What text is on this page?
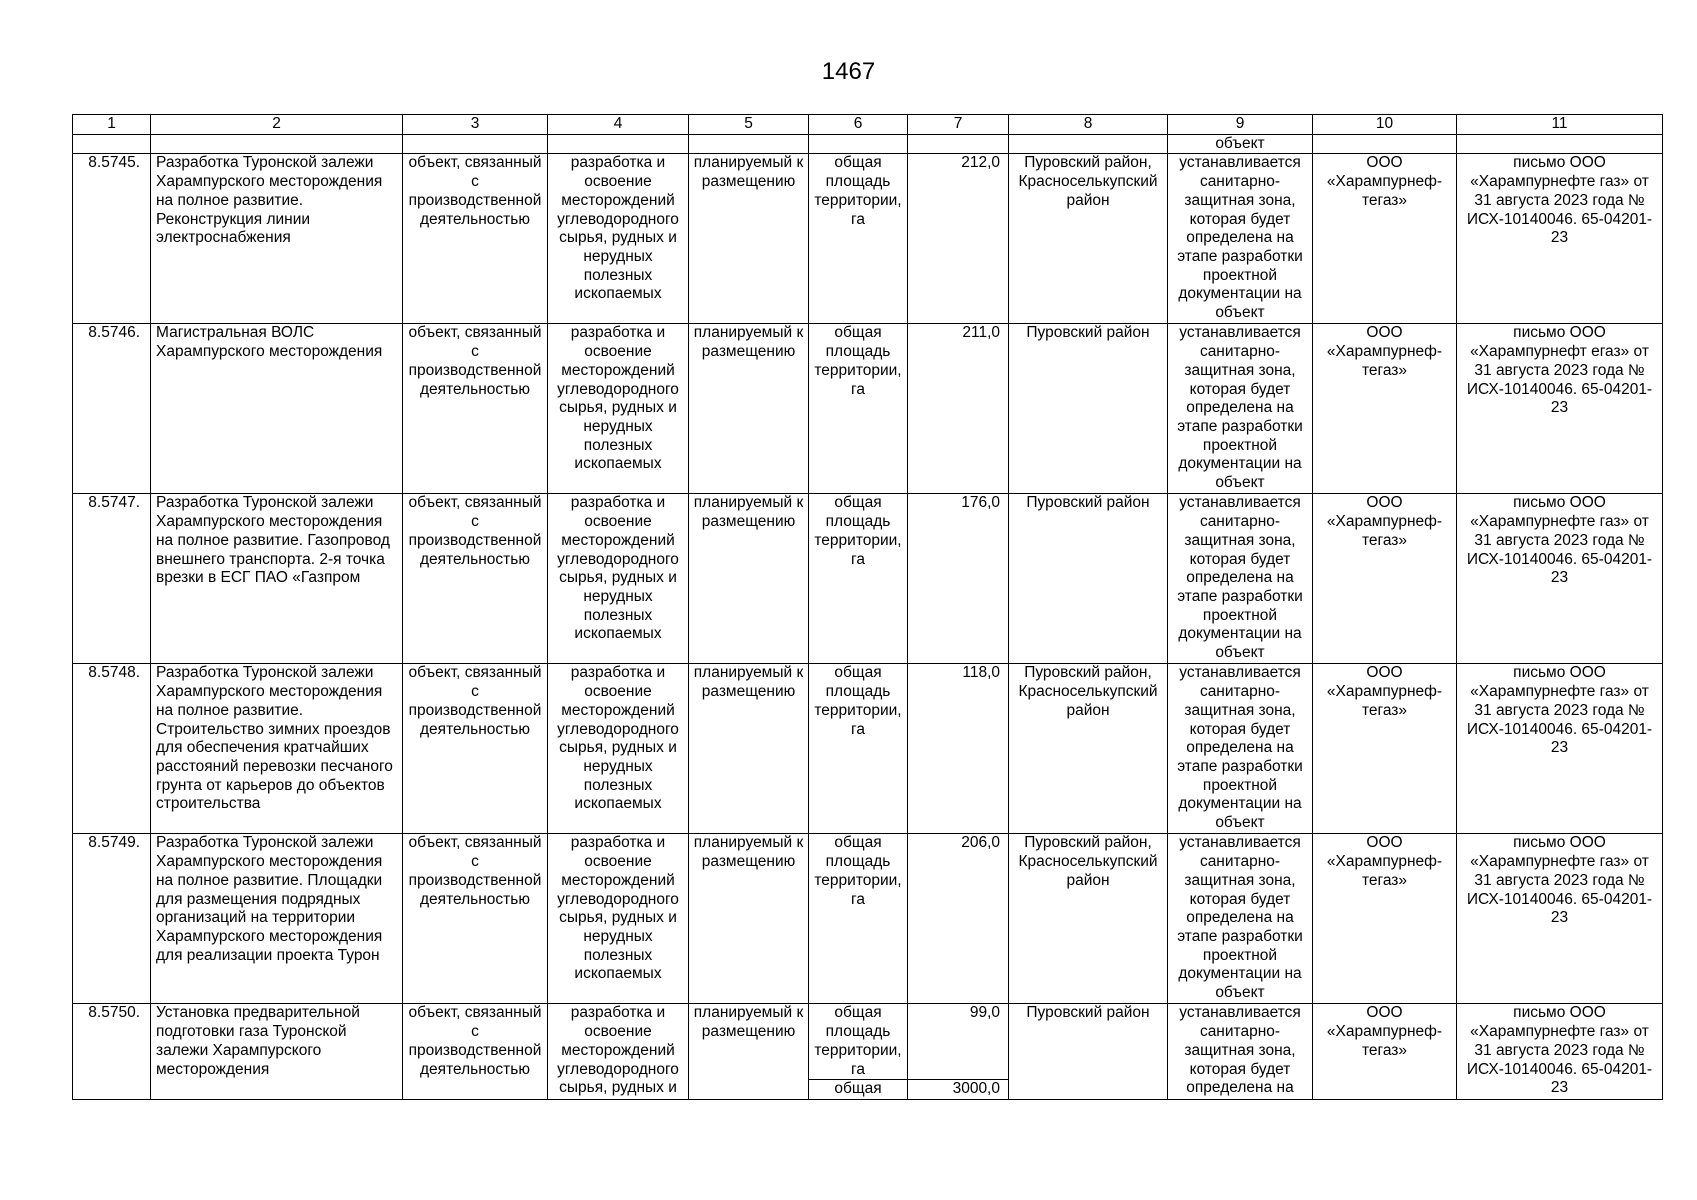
1467
1	2	3	4	5	6	7	8	9	10	11
								объект		
8.5745.	Разработка Туронской залежи Харампурского месторождения на полное развитие. Реконструкция линии электроснабжения	объект, связанный с производственной деятельностью	разработка и освоение месторождений углеводородного сырья, рудных и нерудных полезных ископаемых	планируемый к размещению	общая площадь территории, га	212,0	Пуровский район, Красноселькупский район	устанавливается санитарно-защитная зона, которая будет определена на этапе разработки проектной документации на объект	ООО «Харампурнеф-тегаз»	письмо ООО «Харампурнефте газ» от 31 августа 2023 года № ИСХ-10140046. 65-04201-23
8.5746.	Магистральная ВОЛС Харампурского месторождения	объект, связанный с производственной деятельностью	разработка и освоение месторождений углеводородного сырья, рудных и нерудных полезных ископаемых	планируемый к размещению	общая площадь территории, га	211,0	Пуровский район	устанавливается санитарно-защитная зона, которая будет определена на этапе разработки проектной документации на объект	ООО «Харампурнеф-тегаз»	письмо ООО «Харампурнефт егаз» от 31 августа 2023 года № ИСХ-10140046. 65-04201-23
8.5747.	Разработка Туронской залежи Харампурского месторождения на полное развитие. Газопровод внешнего транспорта. 2-я точка врезки в ЕСГ ПАО «Газпром	объект, связанный с производственной деятельностью	разработка и освоение месторождений углеводородного сырья, рудных и нерудных полезных ископаемых	планируемый к размещению	общая площадь территории, га	176,0	Пуровский район	устанавливается санитарно-защитная зона, которая будет определена на этапе разработки проектной документации на объект	ООО «Харампурнеф-тегаз»	письмо ООО «Харампурнефте газ» от 31 августа 2023 года № ИСХ-10140046. 65-04201-23
8.5748.	Разработка Туронской залежи Харампурского месторождения на полное развитие. Строительство зимних проездов для обеспечения кратчайших расстояний перевозки песчаного грунта от карьеров до объектов строительства	объект, связанный с производственной деятельностью	разработка и освоение месторождений углеводородного сырья, рудных и нерудных полезных ископаемых	планируемый к размещению	общая площадь территории, га	118,0	Пуровский район, Красноселькупский район	устанавливается санитарно-защитная зона, которая будет определена на этапе разработки проектной документации на объект	ООО «Харампурнеф-тегаз»	письмо ООО «Харампурнефте газ» от 31 августа 2023 года № ИСХ-10140046. 65-04201-23
8.5749.	Разработка Туронской залежи Харампурского месторождения на полное развитие. Площадки для размещения подрядных организаций на территории Харампурского месторождения для реализации проекта Турон	объект, связанный с производственной деятельностью	разработка и освоение месторождений углеводородного сырья, рудных и нерудных полезных ископаемых	планируемый к размещению	общая площадь территории, га	206,0	Пуровский район, Красноселькупский район	устанавливается санитарно-защитная зона, которая будет определена на этапе разработки проектной документации на объект	ООО «Харампурнеф-тегаз»	письмо ООО «Харампурнефте газ» от 31 августа 2023 года № ИСХ-10140046. 65-04201-23
8.5750.	Установка предварительной подготовки газа Туронской залежи Харампурского месторождения	объект, связанный с производственной деятельностью	разработка и освоение месторождений углеводородного сырья, рудных и	планируемый к размещению	общая площадь территории, га	99,0	Пуровский район	устанавливается санитарно-защитная зона, которая будет определена на	ООО «Харампурнеф-тегаз»	письмо ООО «Харампурнефте газ» от 31 августа 2023 года № ИСХ-10140046. 65-04201-23
					общая	3000,0				
